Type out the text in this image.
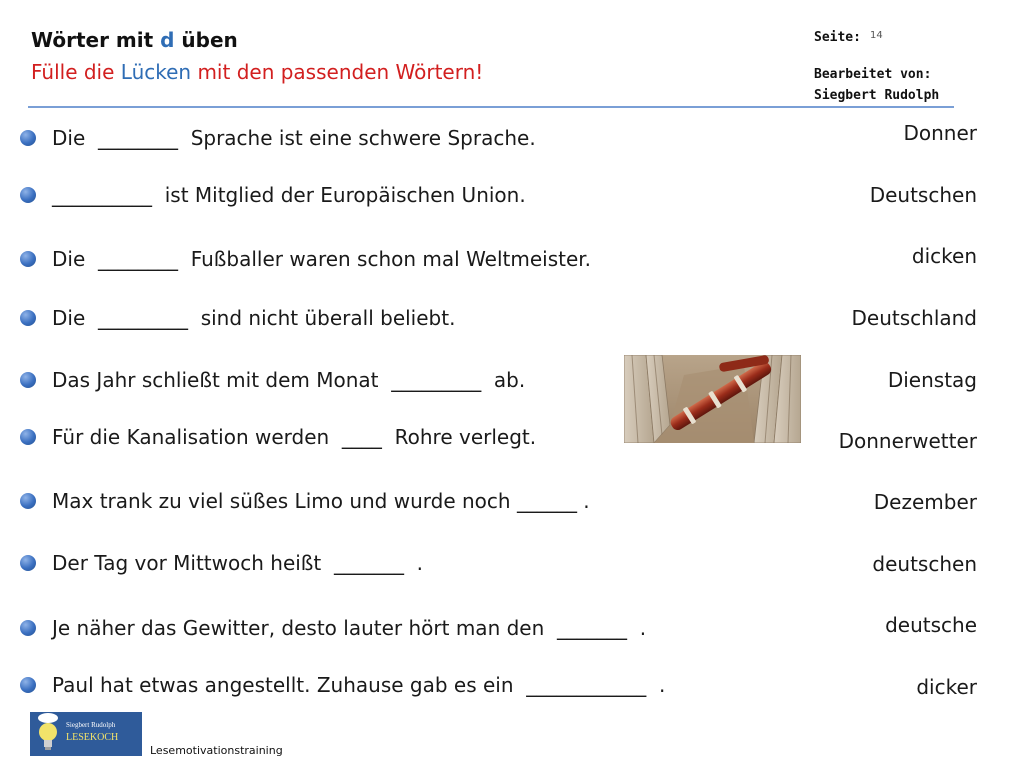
Wörter mit d üben
Fülle die Lücken mit den passenden Wörtern!
Seite: 14
Bearbeitet von:
Siegbert Rudolph
Die  ________  Sprache ist eine schwere Sprache.
__________  ist Mitglied der Europäischen Union.
Die  ________  Fußballer waren schon mal Weltmeister.
Die  _________  sind nicht überall beliebt.
Das Jahr schließt mit dem Monat  _________  ab.
Für die Kanalisation werden  ____  Rohre verlegt.
Max trank zu viel süßes Limo und wurde noch ______ .
Der Tag vor Mittwoch heißt  _______  .
Je näher das Gewitter, desto lauter hört man den  _______  .
Paul hat etwas angestellt. Zuhause gab es ein  ____________  .
Donner
Deutschen
dicken
Deutschland
Dienstag
Donnerwetter
Dezember
deutschen
deutsche
dicker
Siegbert Rudolph
LESEKOCH
Lesemotivationstraining
